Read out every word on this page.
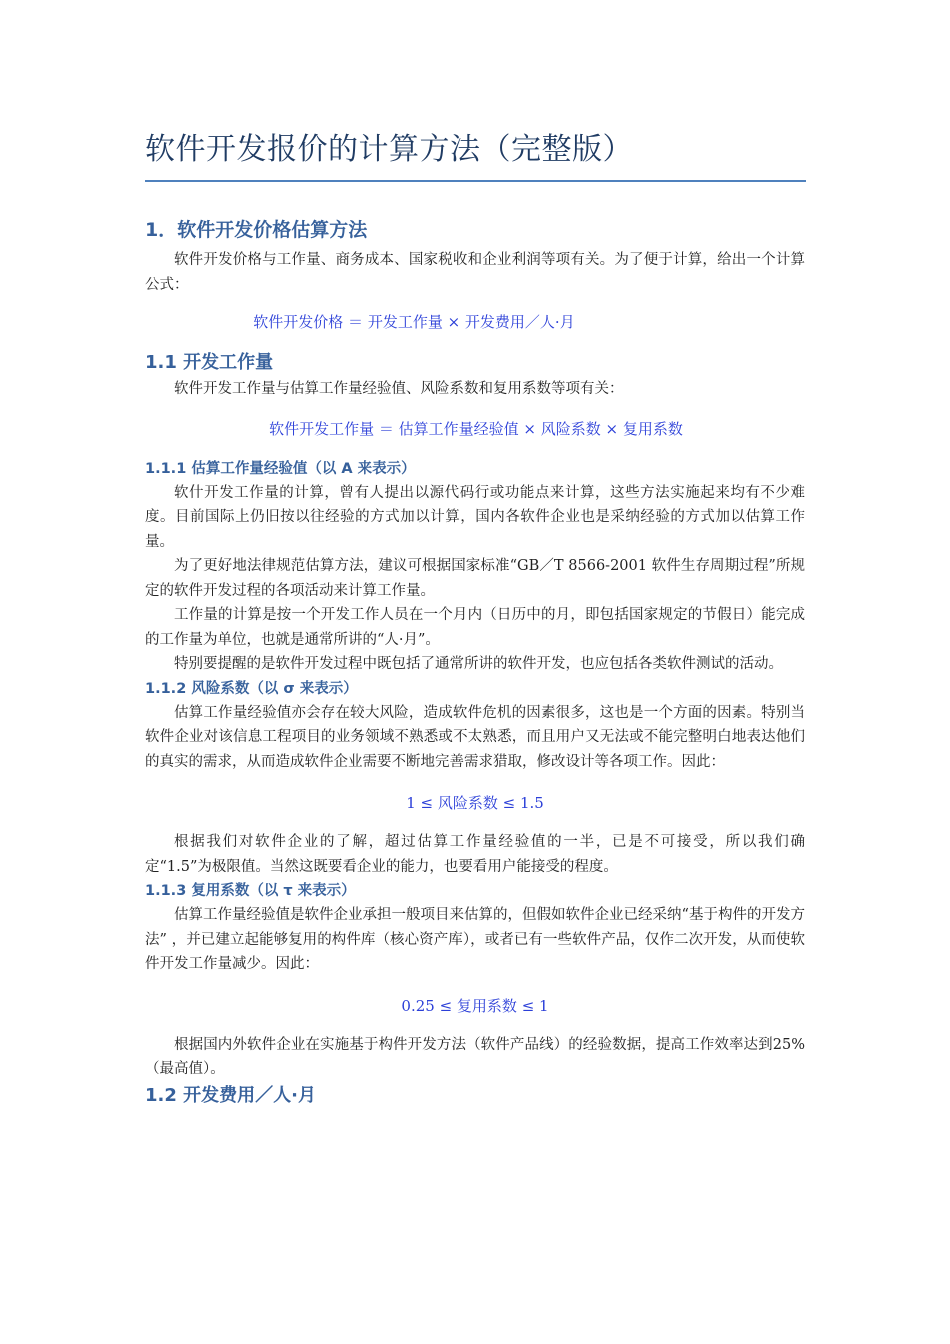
软件开发报价的计算方法（完整版）
1．软件开发价格估算方法

软件开发价格与工作量、商务成本、国家税收和企业利润等项有关。为了便于计算，给出一个计算公式：

软件开发价格 ＝ 开发工作量 × 开发费用／人·月

1.1 开发工作量

软件开发工作量与估算工作量经验值、风险系数和复用系数等项有关：

软件开发工作量 ＝ 估算工作量经验值 × 风险系数 × 复用系数

1.1.1 估算工作量经验值（以 A 来表示）

软什开发工作量的计算，曾有人提出以源代码行或功能点来计算，这些方法实施起来均有不少难度。目前国际上仍旧按以往经验的方式加以计算，国内各软件企业也是采纳经验的方式加以估算工作量。

为了更好地法律规范估算方法，建议可根据国家标准“GB／T 8566-2001 软件生存周期过程”所规定的软件开发过程的各项活动来计算工作量。

工作量的计算是按一个开发工作人员在一个月内（日历中的月，即包括国家规定的节假日）能完成的工作量为单位，也就是通常所讲的“人·月”。

特别要提醒的是软件开发过程中既包括了通常所讲的软件开发，也应包括各类软件测试的活动。

1.1.2 风险系数（以 σ 来表示）

估算工作量经验值亦会存在较大风险，造成软件危机的因素很多，这也是一个方面的因素。特别当软件企业对该信息工程项目的业务领域不熟悉或不太熟悉，而且用户又无法或不能完整明白地表达他们的真实的需求，从而造成软件企业需要不断地完善需求猎取，修改设计等各项工作。因此：

1 ≤ 风险系数 ≤ 1.5

根据我们对软件企业的了解，超过估算工作量经验值的一半，已是不可接受，所以我们确定“1.5”为极限值。当然这既要看企业的能力，也要看用户能接受的程度。

1.1.3 复用系数（以 τ 来表示）

估算工作量经验值是软件企业承担一般项目来估算的，但假如软件企业已经采纳“基于构件的开发方法” ，并已建立起能够复用的构件库（核心资产库），或者已有一些软件产品，仅作二次开发，从而使软件开发工作量减少。因此：

0.25 ≤ 复用系数 ≤ 1

根据国内外软件企业在实施基于构件开发方法（软件产品线）的经验数据，提高工作效率达到25%（最高值）。

1.2 开发费用／人·月
